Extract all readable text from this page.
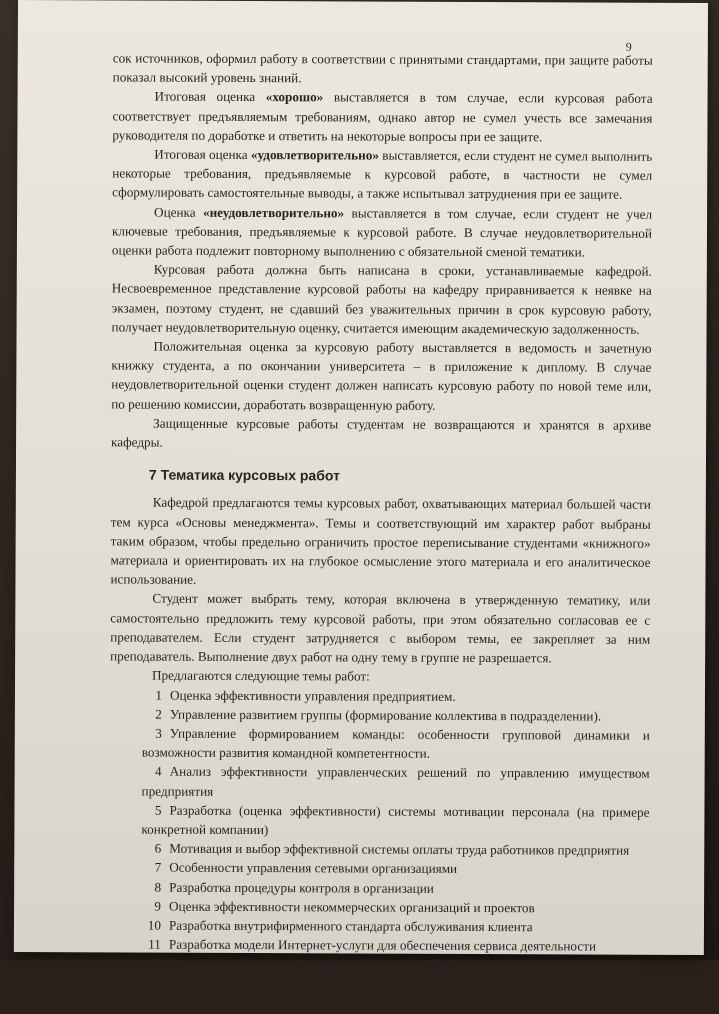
9

сок источников, оформил работу в соответствии с принятыми стандартами, при защите работы показал высокий уровень знаний.

Итоговая оценка «хорошо» выставляется в том случае, если курсовая работа соответствует предъявляемым требованиям, однако автор не сумел учесть все замечания руководителя по доработке и ответить на некоторые вопросы при ее защите.

Итоговая оценка «удовлетворительно» выставляется, если студент не сумел выполнить некоторые требования, предъявляемые к курсовой работе, в частности не сумел сформулировать самостоятельные выводы, а также испытывал затруднения при ее защите.

Оценка «неудовлетворительно» выставляется в том случае, если студент не учел ключевые требования, предъявляемые к курсовой работе. В случае неудовлетворительной оценки работа подлежит повторному выполнению с обязательной сменой тематики.

Курсовая работа должна быть написана в сроки, устанавливаемые кафедрой. Несвоевременное представление курсовой работы на кафедру приравнивается к неявке на экзамен, поэтому студент, не сдавший без уважительных причин в срок курсовую работу, получает неудовлетворительную оценку, считается имеющим академическую задолженность.

Положительная оценка за курсовую работу выставляется в ведомость и зачетную книжку студента, а по окончании университета – в приложение к диплому. В случае неудовлетворительной оценки студент должен написать курсовую работу по новой теме или, по решению комиссии, доработать возвращенную работу.

Защищенные курсовые работы студентам не возвращаются и хранятся в архиве кафедры.

7 Тематика курсовых работ

Кафедрой предлагаются темы курсовых работ, охватывающих материал большей части тем курса «Основы менеджмента». Темы и соответствующий им характер работ выбраны таким образом, чтобы предельно ограничить простое переписывание студентами «книжного» материала и ориентировать их на глубокое осмысление этого материала и его аналитическое использование.

Студент может выбрать тему, которая включена в утвержденную тематику, или самостоятельно предложить тему курсовой работы, при этом обязательно согласовав ее с преподавателем. Если студент затрудняется с выбором темы, ее закрепляет за ним преподаватель. Выполнение двух работ на одну тему в группе не разрешается.

Предлагаются следующие темы работ:

1 Оценка эффективности управления предприятием.

2 Управление развитием группы (формирование коллектива в подразделении).

3 Управление формированием команды: особенности групповой динамики и возможности развития командной компетентности.

4 Анализ эффективности управленческих решений по управлению имуществом предприятия

5 Разработка (оценка эффективности) системы мотивации персонала (на примере конкретной компании)

6 Мотивация и выбор эффективной системы оплаты труда работников предприятия

7 Особенности управления сетевыми организациями

8 Разработка процедуры контроля в организации

9 Оценка эффективности некоммерческих организаций и проектов

10 Разработка внутрифирменного стандарта обслуживания клиента

11 Разработка модели Интернет-услуги для обеспечения сервиса деятельности

12 Использование метода управления по целям (МВО) при организации отдела продаж

13 Разработка технологий участия персонала в оценке качества услуги (продукта, процесса)
